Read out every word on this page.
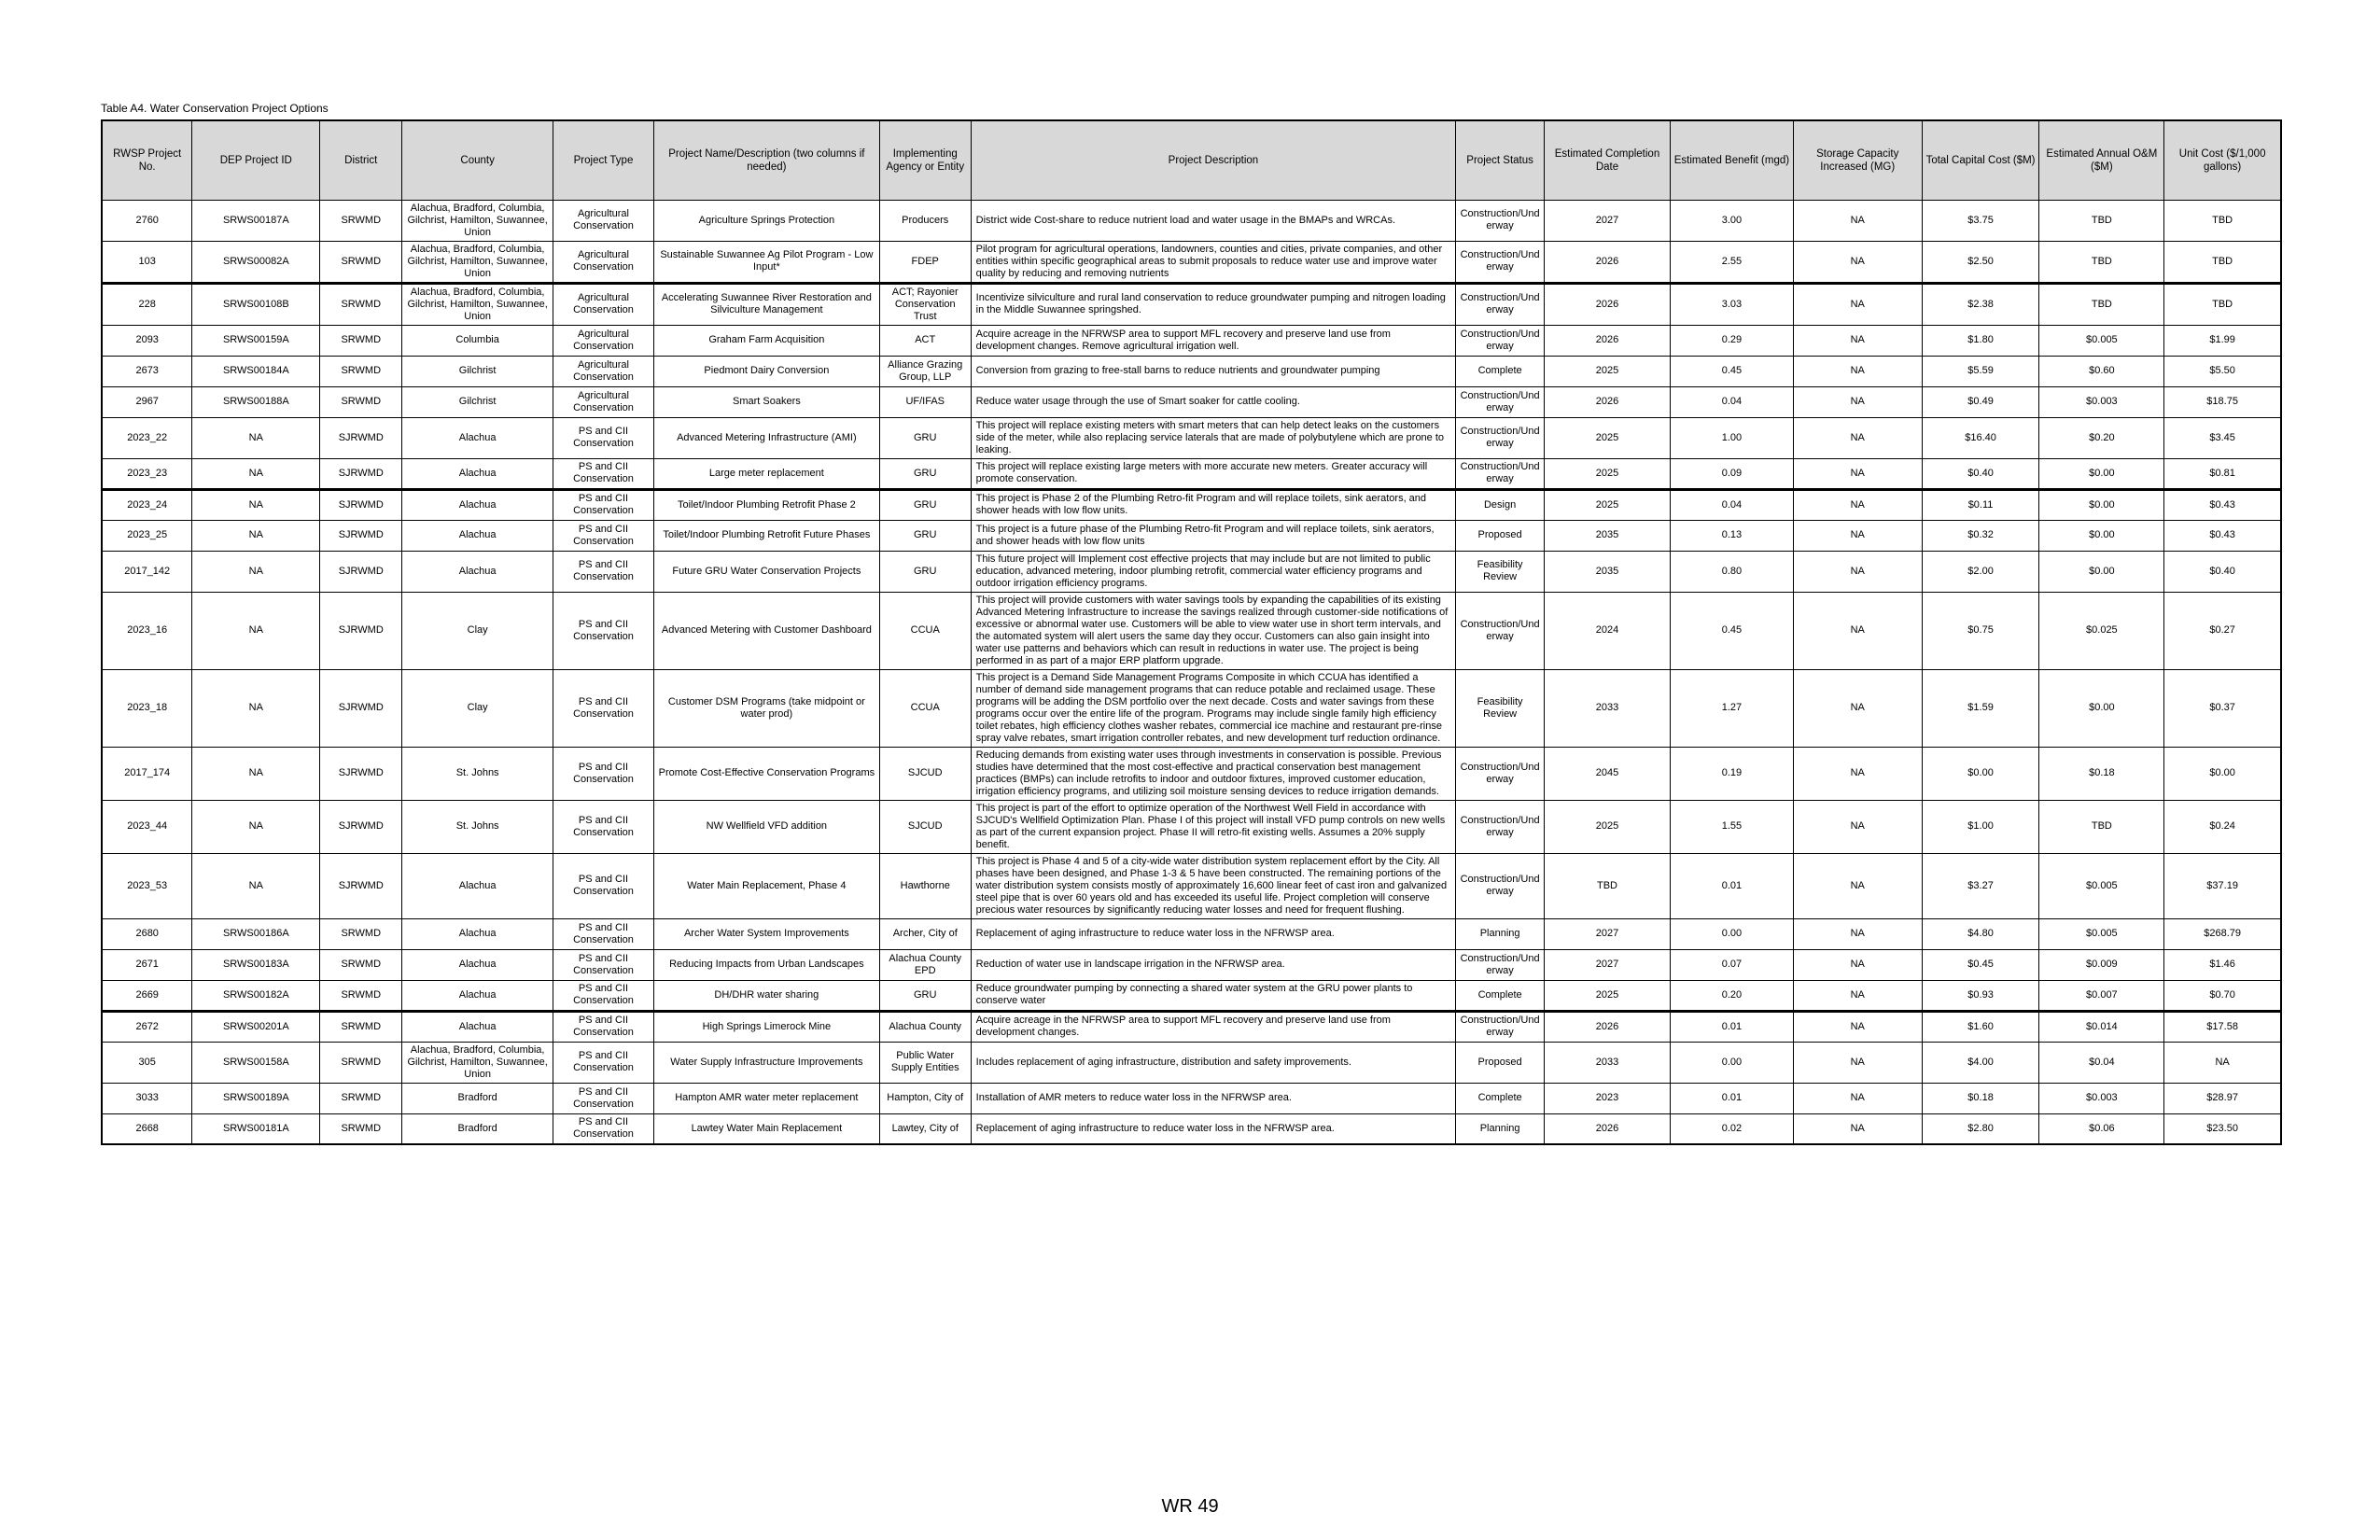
Table A4. Water Conservation Project Options
RWSP Project No.	DEP Project ID	District	County	Project Type	Project Name/Description (two columns if needed)	Implementing Agency or Entity	Project Description	Project Status	Estimated Completion Date	Estimated Benefit (mgd)	Storage Capacity Increased (MG)	Total Capital Cost ($M)	Estimated Annual O&M ($M)	Unit Cost ($/1,000 gallons)
2760	SRWS00187A	SRWMD	Alachua, Bradford, Columbia, Gilchrist, Hamilton, Suwannee, Union	Agricultural Conservation	Agriculture Springs Protection	Producers	District wide Cost-share to reduce nutrient load and water usage in the BMAPs and WRCAs.	Construction/Underway	2027	3.00	NA	$3.75	TBD	TBD
103	SRWS00082A	SRWMD	Alachua, Bradford, Columbia, Gilchrist, Hamilton, Suwannee, Union	Agricultural Conservation	Sustainable Suwannee Ag Pilot Program - Low Input*	FDEP	Pilot program for agricultural operations, landowners, counties and cities, private companies, and other entities within specific geographical areas to submit proposals to reduce water use and improve water quality by reducing and removing nutrients	Construction/Underway	2026	2.55	NA	$2.50	TBD	TBD
228	SRWS00108B	SRWMD	Alachua, Bradford, Columbia, Gilchrist, Hamilton, Suwannee, Union	Agricultural Conservation	Accelerating Suwannee River Restoration and Silviculture Management	ACT; Rayonier Conservation Trust	Incentivize silviculture and rural land conservation to reduce groundwater pumping and nitrogen loading in the Middle Suwannee springshed.	Construction/Underway	2026	3.03	NA	$2.38	TBD	TBD
2093	SRWS00159A	SRWMD	Columbia	Agricultural Conservation	Graham Farm Acquisition	ACT	Acquire acreage in the NFRWSP area to support MFL recovery and preserve land use from development changes. Remove agricultural irrigation well.	Construction/Underway	2026	0.29	NA	$1.80	$0.005	$1.99
2673	SRWS00184A	SRWMD	Gilchrist	Agricultural Conservation	Piedmont Dairy Conversion	Alliance Grazing Group, LLP	Conversion from grazing to free-stall barns to reduce nutrients and groundwater pumping	Complete	2025	0.45	NA	$5.59	$0.60	$5.50
2967	SRWS00188A	SRWMD	Gilchrist	Agricultural Conservation	Smart Soakers	UF/IFAS	Reduce water usage through the use of Smart soaker for cattle cooling.	Construction/Underway	2026	0.04	NA	$0.49	$0.003	$18.75
2023_22	NA	SJRWMD	Alachua	PS and CII Conservation	Advanced Metering Infrastructure (AMI)	GRU	This project will replace existing meters with smart meters that can help detect leaks on the customers side of the meter, while also replacing service laterals that are made of polybutylene which are prone to leaking.	Construction/Underway	2025	1.00	NA	$16.40	$0.20	$3.45
2023_23	NA	SJRWMD	Alachua	PS and CII Conservation	Large meter replacement	GRU	This project will replace existing large meters with more accurate new meters. Greater accuracy will promote conservation.	Construction/Underway	2025	0.09	NA	$0.40	$0.00	$0.81
2023_24	NA	SJRWMD	Alachua	PS and CII Conservation	Toilet/Indoor Plumbing Retrofit Phase 2	GRU	This project is Phase 2 of the Plumbing Retro-fit Program and will replace toilets, sink aerators, and shower heads with low flow units.	Design	2025	0.04	NA	$0.11	$0.00	$0.43
2023_25	NA	SJRWMD	Alachua	PS and CII Conservation	Toilet/Indoor Plumbing Retrofit Future Phases	GRU	This project is a future phase of the Plumbing Retro-fit Program and will replace toilets, sink aerators, and shower heads with low flow units	Proposed	2035	0.13	NA	$0.32	$0.00	$0.43
2017_142	NA	SJRWMD	Alachua	PS and CII Conservation	Future GRU Water Conservation Projects	GRU	This future project will Implement cost effective projects that may include but are not limited to public education, advanced metering, indoor plumbing retrofit, commercial water efficiency programs and outdoor irrigation efficiency programs.	Feasibility Review	2035	0.80	NA	$2.00	$0.00	$0.40
2023_16	NA	SJRWMD	Clay	PS and CII Conservation	Advanced Metering with Customer Dashboard	CCUA	This project will provide customers with water savings tools by expanding the capabilities of its existing Advanced Metering Infrastructure to increase the savings realized through customer-side notifications of excessive or abnormal water use. Customers will be able to view water use in short term intervals, and the automated system will alert users the same day they occur. Customers can also gain insight into water use patterns and behaviors which can result in reductions in water use. The project is being performed in as part of a major ERP platform upgrade.	Construction/Underway	2024	0.45	NA	$0.75	$0.025	$0.27
2023_18	NA	SJRWMD	Clay	PS and CII Conservation	Customer DSM Programs (take midpoint or water prod)	CCUA	This project is a Demand Side Management Programs Composite in which CCUA has identified a number of demand side management programs that can reduce potable and reclaimed usage. These programs will be adding the DSM portfolio over the next decade. Costs and water savings from these programs occur over the entire life of the program. Programs may include single family high efficiency toilet rebates, high efficiency clothes washer rebates, commercial ice machine and restaurant pre-rinse spray valve rebates, smart irrigation controller rebates, and new development turf reduction ordinance.	Feasibility Review	2033	1.27	NA	$1.59	$0.00	$0.37
2017_174	NA	SJRWMD	St. Johns	PS and CII Conservation	Promote Cost-Effective Conservation Programs	SJCUD	Reducing demands from existing water uses through investments in conservation is possible. Previous studies have determined that the most cost-effective and practical conservation best management practices (BMPs) can include retrofits to indoor and outdoor fixtures, improved customer education, irrigation efficiency programs, and utilizing soil moisture sensing devices to reduce irrigation demands.	Construction/Underway	2045	0.19	NA	$0.00	$0.18	$0.00
2023_44	NA	SJRWMD	St. Johns	PS and CII Conservation	NW Wellfield VFD addition	SJCUD	This project is part of the effort to optimize operation of the Northwest Well Field in accordance with SJCUD's Wellfield Optimization Plan. Phase I of this project will install VFD pump controls on new wells as part of the current expansion project. Phase II will retro-fit existing wells. Assumes a 20% supply benefit.	Construction/Underway	2025	1.55	NA	$1.00	TBD	$0.24
2023_53	NA	SJRWMD	Alachua	PS and CII Conservation	Water Main Replacement, Phase 4	Hawthorne	This project is Phase 4 and 5 of a city-wide water distribution system replacement effort by the City. All phases have been designed, and Phase 1-3 & 5 have been constructed. The remaining portions of the water distribution system consists mostly of approximately 16,600 linear feet of cast iron and galvanized steel pipe that is over 60 years old and has exceeded its useful life. Project completion will conserve precious water resources by significantly reducing water losses and need for frequent flushing.	Construction/Underway	TBD	0.01	NA	$3.27	$0.005	$37.19
2680	SRWS00186A	SRWMD	Alachua	PS and CII Conservation	Archer Water System Improvements	Archer, City of	Replacement of aging infrastructure to reduce water loss in the NFRWSP area.	Planning	2027	0.00	NA	$4.80	$0.005	$268.79
2671	SRWS00183A	SRWMD	Alachua	PS and CII Conservation	Reducing Impacts from Urban Landscapes	Alachua County EPD	Reduction of water use in landscape irrigation in the NFRWSP area.	Construction/Underway	2027	0.07	NA	$0.45	$0.009	$1.46
2669	SRWS00182A	SRWMD	Alachua	PS and CII Conservation	DH/DHR water sharing	GRU	Reduce groundwater pumping by connecting a shared water system at the GRU power plants to conserve water	Complete	2025	0.20	NA	$0.93	$0.007	$0.70
2672	SRWS00201A	SRWMD	Alachua	PS and CII Conservation	High Springs Limerock Mine	Alachua County	Acquire acreage in the NFRWSP area to support MFL recovery and preserve land use from development changes.	Construction/Underway	2026	0.01	NA	$1.60	$0.014	$17.58
305	SRWS00158A	SRWMD	Alachua, Bradford, Columbia, Gilchrist, Hamilton, Suwannee, Union	PS and CII Conservation	Water Supply Infrastructure Improvements	Public Water Supply Entities	Includes replacement of aging infrastructure, distribution and safety improvements.	Proposed	2033	0.00	NA	$4.00	$0.04	NA
3033	SRWS00189A	SRWMD	Bradford	PS and CII Conservation	Hampton AMR water meter replacement	Hampton, City of	Installation of AMR meters to reduce water loss in the NFRWSP area.	Complete	2023	0.01	NA	$0.18	$0.003	$28.97
2668	SRWS00181A	SRWMD	Bradford	PS and CII Conservation	Lawtey Water Main Replacement	Lawtey, City of	Replacement of aging infrastructure to reduce water loss in the NFRWSP area.	Planning	2026	0.02	NA	$2.80	$0.06	$23.50
WR 49
